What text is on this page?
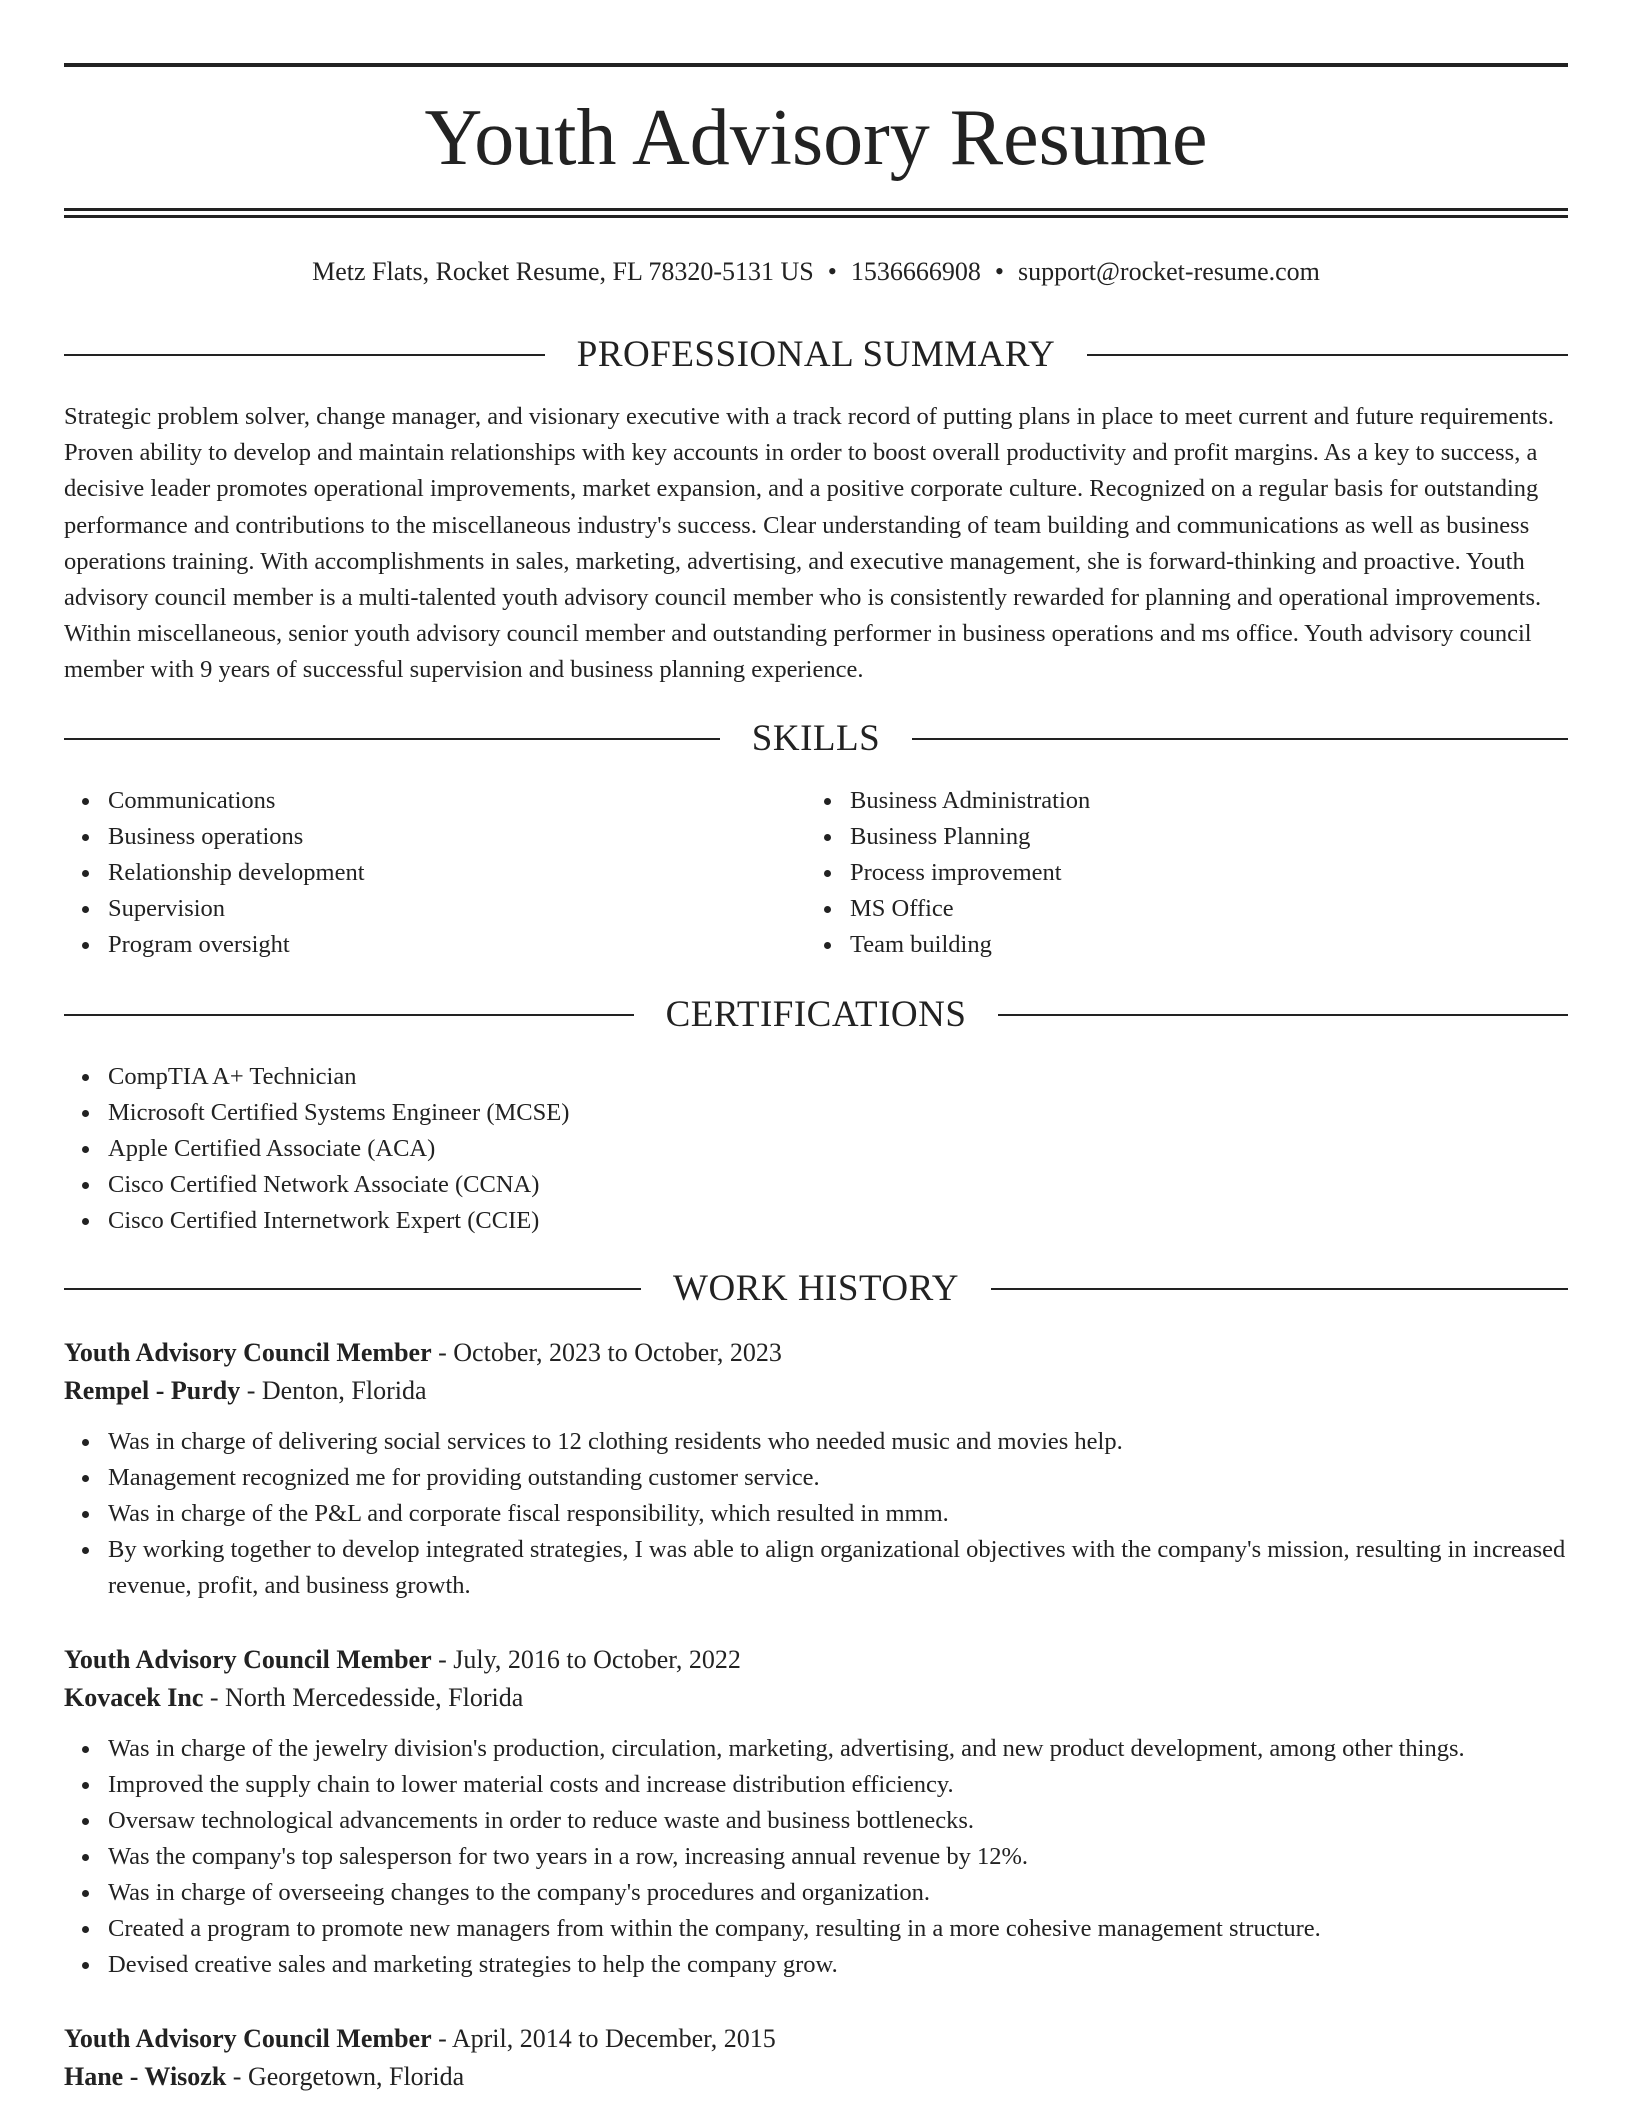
Youth Advisory Resume
Metz Flats, Rocket Resume, FL 78320-5131 US • 1536666908 • support@rocket-resume.com
PROFESSIONAL SUMMARY

Strategic problem solver, change manager, and visionary executive with a track record of putting plans in place to meet current and future requirements. Proven ability to develop and maintain relationships with key accounts in order to boost overall productivity and profit margins. As a key to success, a decisive leader promotes operational improvements, market expansion, and a positive corporate culture. Recognized on a regular basis for outstanding performance and contributions to the miscellaneous industry's success. Clear understanding of team building and communications as well as business operations training. With accomplishments in sales, marketing, advertising, and executive management, she is forward-thinking and proactive. Youth advisory council member is a multi-talented youth advisory council member who is consistently rewarded for planning and operational improvements. Within miscellaneous, senior youth advisory council member and outstanding performer in business operations and ms office. Youth advisory council member with 9 years of successful supervision and business planning experience.

SKILLS
Communications
Business operations
Relationship development
Supervision
Program oversight
Business Administration
Business Planning
Process improvement
MS Office
Team building
CERTIFICATIONS
CompTIA A+ Technician
Microsoft Certified Systems Engineer (MCSE)
Apple Certified Associate (ACA)
Cisco Certified Network Associate (CCNA)
Cisco Certified Internetwork Expert (CCIE)
WORK HISTORY
Youth Advisory Council Member - October, 2023 to October, 2023
Rempel - Purdy - Denton, Florida
Was in charge of delivering social services to 12 clothing residents who needed music and movies help.
Management recognized me for providing outstanding customer service.
Was in charge of the P&L and corporate fiscal responsibility, which resulted in mmm.
By working together to develop integrated strategies, I was able to align organizational objectives with the company's mission, resulting in increased revenue, profit, and business growth.
Youth Advisory Council Member - July, 2016 to October, 2022
Kovacek Inc - North Mercedesside, Florida
Was in charge of the jewelry division's production, circulation, marketing, advertising, and new product development, among other things.
Improved the supply chain to lower material costs and increase distribution efficiency.
Oversaw technological advancements in order to reduce waste and business bottlenecks.
Was the company's top salesperson for two years in a row, increasing annual revenue by 12%.
Was in charge of overseeing changes to the company's procedures and organization.
Created a program to promote new managers from within the company, resulting in a more cohesive management structure.
Devised creative sales and marketing strategies to help the company grow.
Youth Advisory Council Member - April, 2014 to December, 2015
Hane - Wisozk - Georgetown, Florida
